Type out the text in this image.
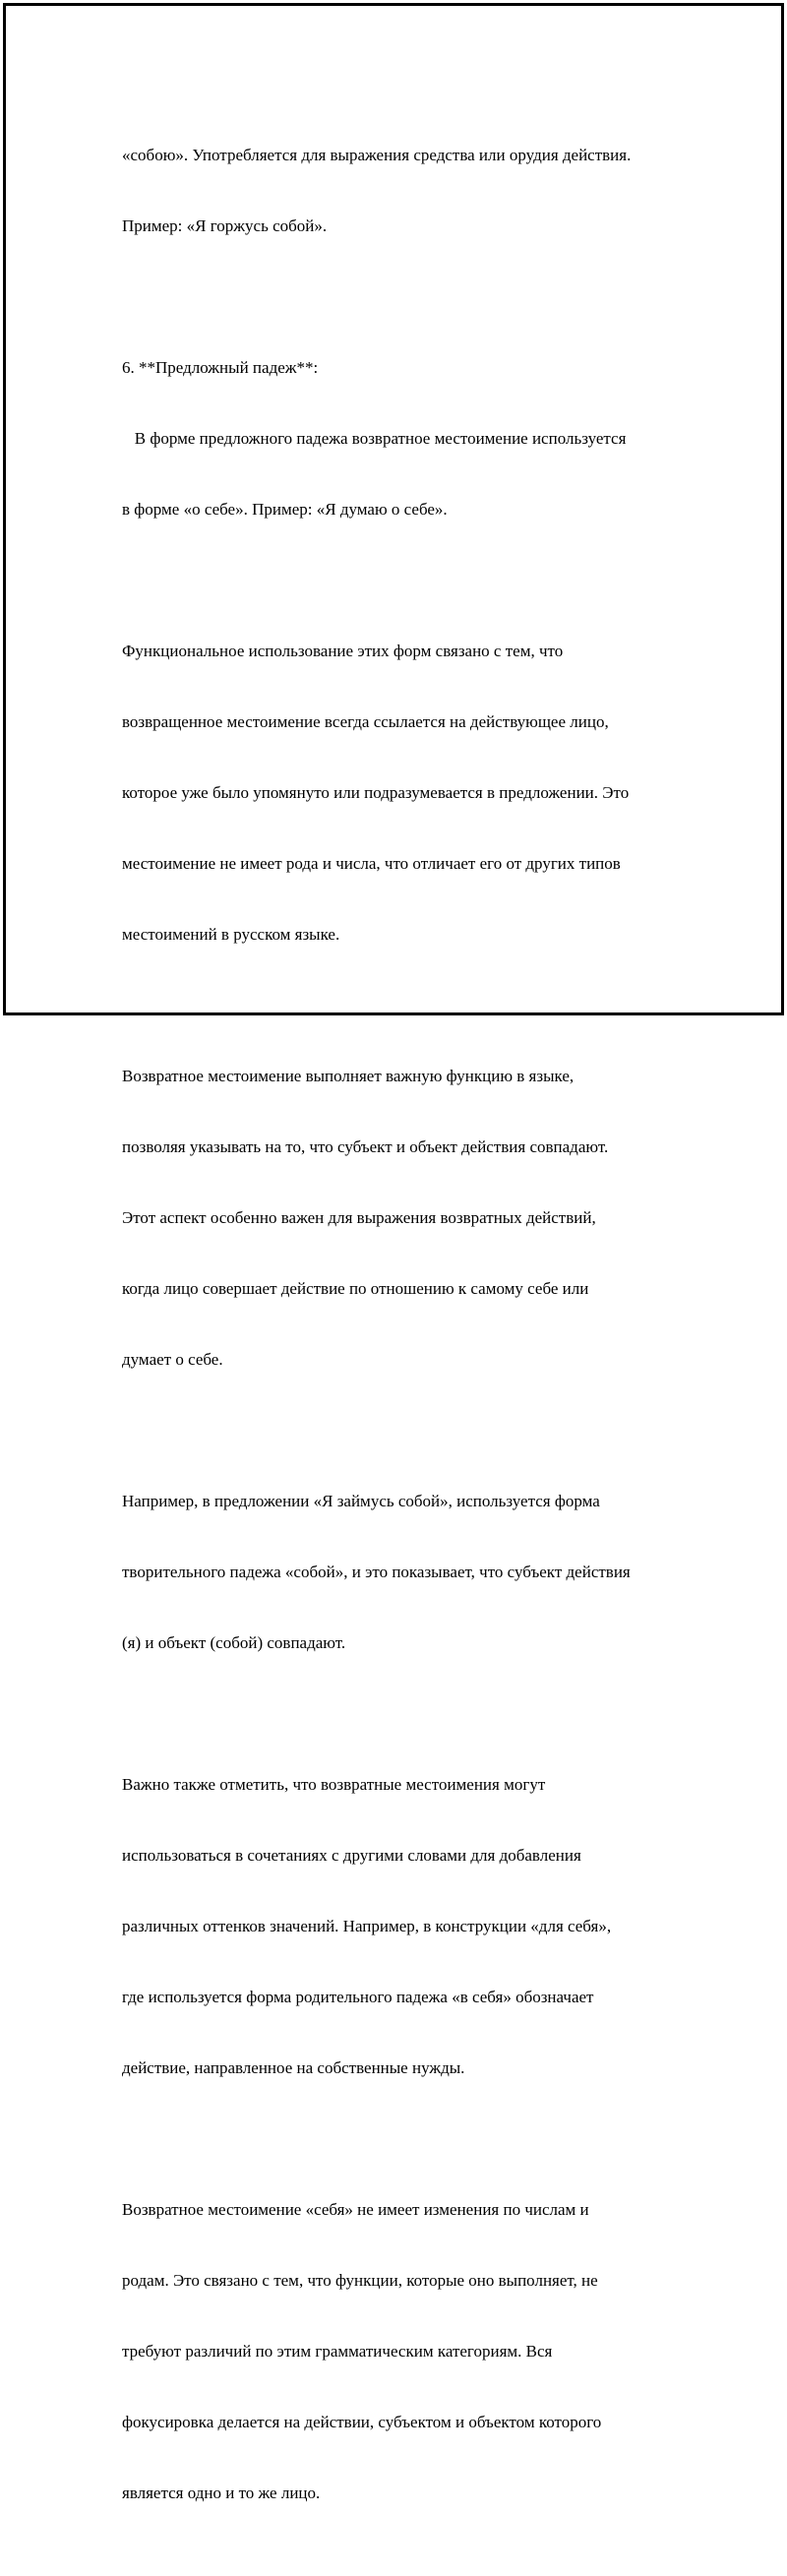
«собою». Употребляется для выражения средства или орудия действия.

Пример: «Я горжусь собой».

6. **Предложный падеж**:

В форме предложного падежа возвратное местоимение используется

в форме «о себе». Пример: «Я думаю о себе».

Функциональное использование этих форм связано с тем, что

возвращенное местоимение всегда ссылается на действующее лицо,

которое уже было упомянуто или подразумевается в предложении. Это

местоимение не имеет рода и числа, что отличает его от других типов

местоимений в русском языке.

Возвратное местоимение выполняет важную функцию в языке,

позволяя указывать на то, что субъект и объект действия совпадают.

Этот аспект особенно важен для выражения возвратных действий,

когда лицо совершает действие по отношению к самому себе или

думает о себе.

Например, в предложении «Я займусь собой», используется форма

творительного падежа «собой», и это показывает, что субъект действия

(я) и объект (собой) совпадают.

Важно также отметить, что возвратные местоимения могут

использоваться в сочетаниях с другими словами для добавления

различных оттенков значений. Например, в конструкции «для себя»,

где используется форма родительного падежа «в себя» обозначает

действие, направленное на собственные нужды.

Возвратное местоимение «себя» не имеет изменения по числам и

родам. Это связано с тем, что функции, которые оно выполняет, не

требуют различий по этим грамматическим категориям. Вся

фокусировка делается на действии, субъектом и объектом которого

является одно и то же лицо.
